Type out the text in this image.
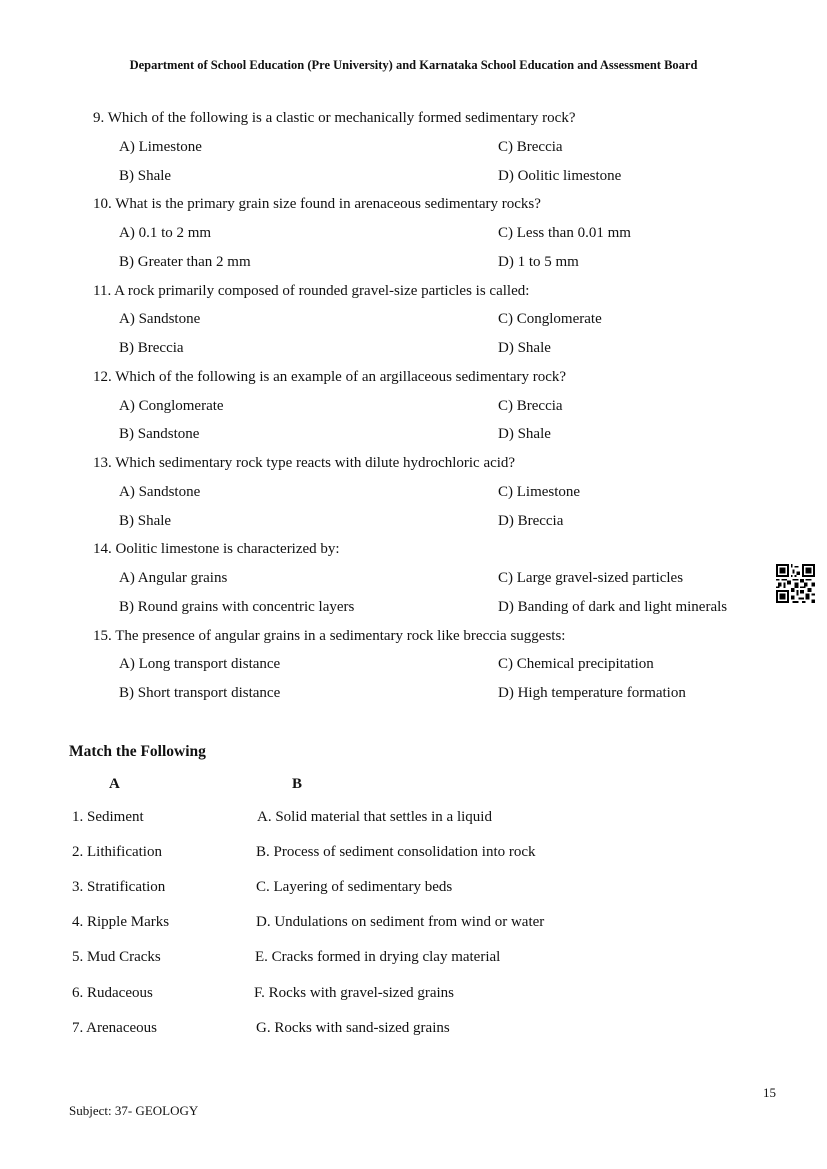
Department of School Education (Pre University) and Karnataka School Education and Assessment Board
9. Which of the following is a clastic or mechanically formed sedimentary rock?
A) Limestone	C) Breccia
B) Shale	D) Oolitic limestone
10. What is the primary grain size found in arenaceous sedimentary rocks?
A) 0.1 to 2 mm	C) Less than 0.01 mm
B) Greater than 2 mm	D) 1 to 5 mm
11. A rock primarily composed of rounded gravel-size particles is called:
A) Sandstone	C) Conglomerate
B) Breccia	D) Shale
12. Which of the following is an example of an argillaceous sedimentary rock?
A) Conglomerate	C) Breccia
B) Sandstone	D) Shale
13. Which sedimentary rock type reacts with dilute hydrochloric acid?
A) Sandstone	C) Limestone
B) Shale	D) Breccia
14. Oolitic limestone is characterized by:
A) Angular grains	C) Large gravel-sized particles
B) Round grains with concentric layers	D) Banding of dark and light minerals
15. The presence of angular grains in a sedimentary rock like breccia suggests:
A) Long transport distance	C) Chemical precipitation
B) Short transport distance	D) High temperature formation
Match the Following
A	B
1. Sediment	A. Solid material that settles in a liquid
2. Lithification	B. Process of sediment consolidation into rock
3. Stratification	C. Layering of sedimentary beds
4. Ripple Marks	D. Undulations on sediment from wind or water
5. Mud Cracks	E. Cracks formed in drying clay material
6. Rudaceous	F. Rocks with gravel-sized grains
7. Arenaceous	G. Rocks with sand-sized grains
15
Subject: 37- GEOLOGY
